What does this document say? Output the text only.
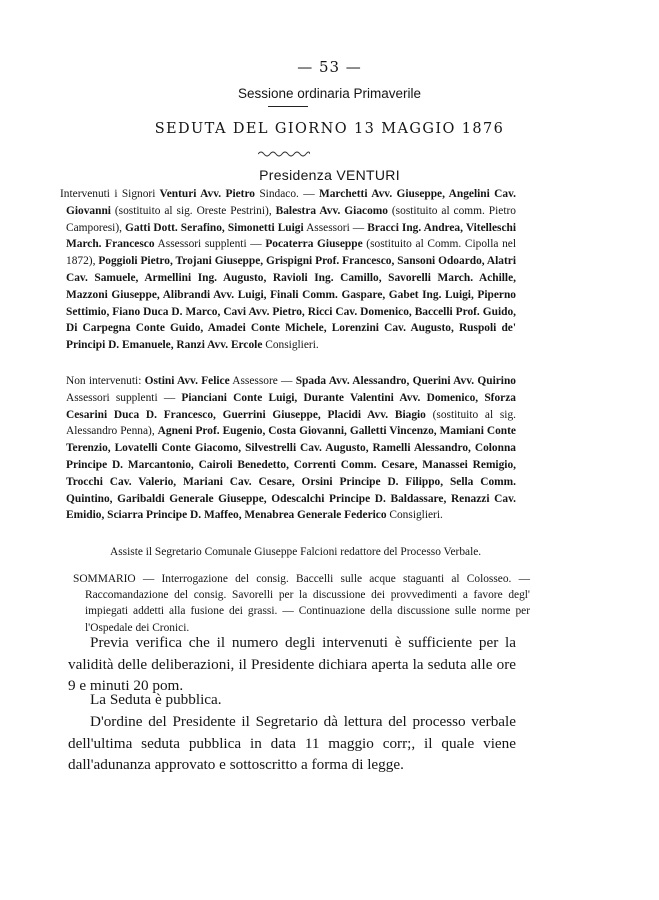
— 53 —
Sessione ordinaria Primaverile
SEDUTA DEL GIORNO 13 MAGGIO 1876
Presidenza VENTURI
Intervenuti i Signori Venturi Avv. Pietro Sindaco. — Marchetti Avv. Giuseppe, Angelini Cav. Giovanni (sostituito al sig. Oreste Pestrini), Balestra Avv. Giacomo (sostituito al comm. Pietro Camporesi), Gatti Dott. Serafino, Simonetti Luigi Assessori — Bracci Ing. Andrea, Vitelleschi March. Francesco Assessori supplenti — Pocaterra Giuseppe (sostituito al Comm. Cipolla nel 1872), Poggioli Pietro, Trojani Giuseppe, Grispigni Prof. Francesco, Sansoni Odoardo, Alatri Cav. Samuele, Armellini Ing. Augusto, Ravioli Ing. Camillo, Savorelli March. Achille, Mazzoni Giuseppe, Alibrandi Avv. Luigi, Finali Comm. Gaspare, Gabet Ing. Luigi, Piperno Settimio, Fiano Duca D. Marco, Cavi Avv. Pietro, Ricci Cav. Domenico, Baccelli Prof. Guido, Di Carpegna Conte Guido, Amadei Conte Michele, Lorenzini Cav. Augusto, Ruspoli de' Principi D. Emanuele, Ranzi Avv. Ercole Consiglieri.
Non intervenuti: Ostini Avv. Felice Assessore — Spada Avv. Alessandro, Querini Avv. Quirino Assessori supplenti — Pianciani Conte Luigi, Durante Valentini Avv. Domenico, Sforza Cesarini Duca D. Francesco, Guerrini Giuseppe, Placidi Avv. Biagio (sostituito al sig. Alessandro Penna), Agneni Prof. Eugenio, Costa Giovanni, Galletti Vincenzo, Mamiani Conte Terenzio, Lovatelli Conte Giacomo, Silvestrelli Cav. Augusto, Ramelli Alessandro, Colonna Principe D. Marcantonio, Cairoli Benedetto, Correnti Comm. Cesare, Manassei Remigio, Trocchi Cav. Valerio, Mariani Cav. Cesare, Orsini Principe D. Filippo, Sella Comm. Quintino, Garibaldi Generale Giuseppe, Odescalchi Principe D. Baldassare, Renazzi Cav. Emidio, Sciarra Principe D. Maffeo, Menabrea Generale Federico Consiglieri.
Assiste il Segretario Comunale Giuseppe Falcioni redattore del Processo Verbale.
SOMMARIO — Interrogazione del consig. Baccelli sulle acque staguanti al Colosseo. — Raccomandazione del consig. Savorelli per la discussione dei provvedimenti a favore degl' impiegati addetti alla fusione dei grassi. — Continuazione della discussione sulle norme per l'Ospedale dei Cronici.
Previa verifica che il numero degli intervenuti è sufficiente per la validità delle deliberazioni, il Presidente dichiara aperta la seduta alle ore 9 e minuti 20 pom.
La Seduta è pubblica.
D'ordine del Presidente il Segretario dà lettura del processo verbale dell'ultima seduta pubblica in data 11 maggio corr;, il quale viene dall'adunanza approvato e sottoscritto a forma di legge.
